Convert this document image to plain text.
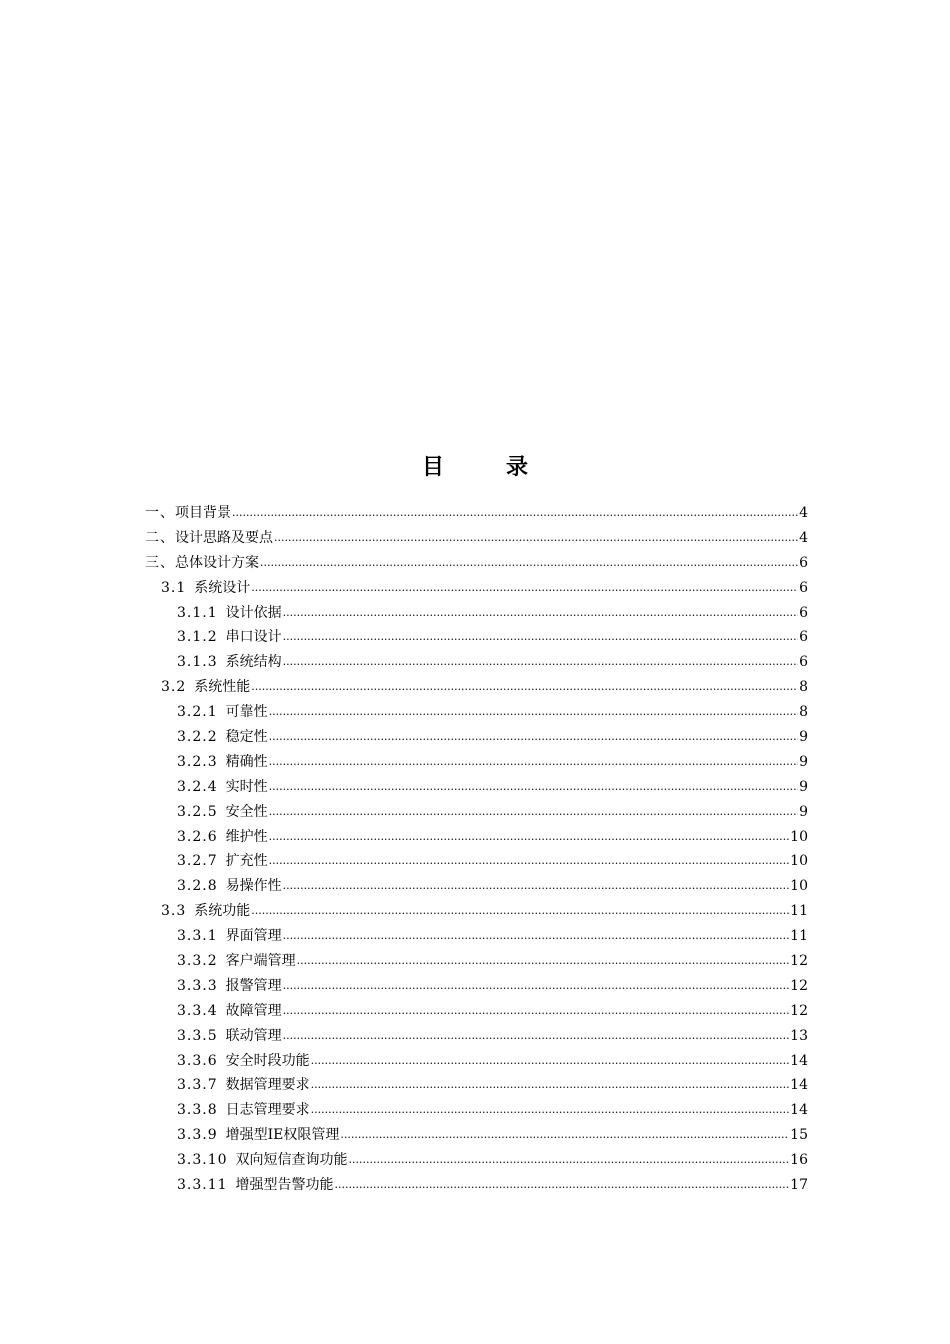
目　录
一、 项目背景 .....	4
二、 设计思路及要点 .....	4
三、 总体设计方案 .....	6
3.1 系统设计 .....	6
3.1.1 设计依据 .....	6
3.1.2 串口设计 .....	6
3.1.3 系统结构 .....	6
3.2 系统性能 .....	8
3.2.1 可靠性 .....	8
3.2.2 稳定性 .....	9
3.2.3 精确性 .....	9
3.2.4 实时性 .....	9
3.2.5 安全性 .....	9
3.2.6 维护性 .....	10
3.2.7 扩充性 .....	10
3.2.8 易操作性 .....	10
3.3 系统功能 .....	11
3.3.1 界面管理 .....	11
3.3.2 客户端管理 .....	12
3.3.3 报警管理 .....	12
3.3.4 故障管理 .....	12
3.3.5 联动管理 .....	13
3.3.6 安全时段功能 .....	14
3.3.7 数据管理要求 .....	14
3.3.8 日志管理要求 .....	14
3.3.9 增强型IE权限管理 .....	15
3.3.10 双向短信查询功能 .....	16
3.3.11 增强型告警功能 .....	17
